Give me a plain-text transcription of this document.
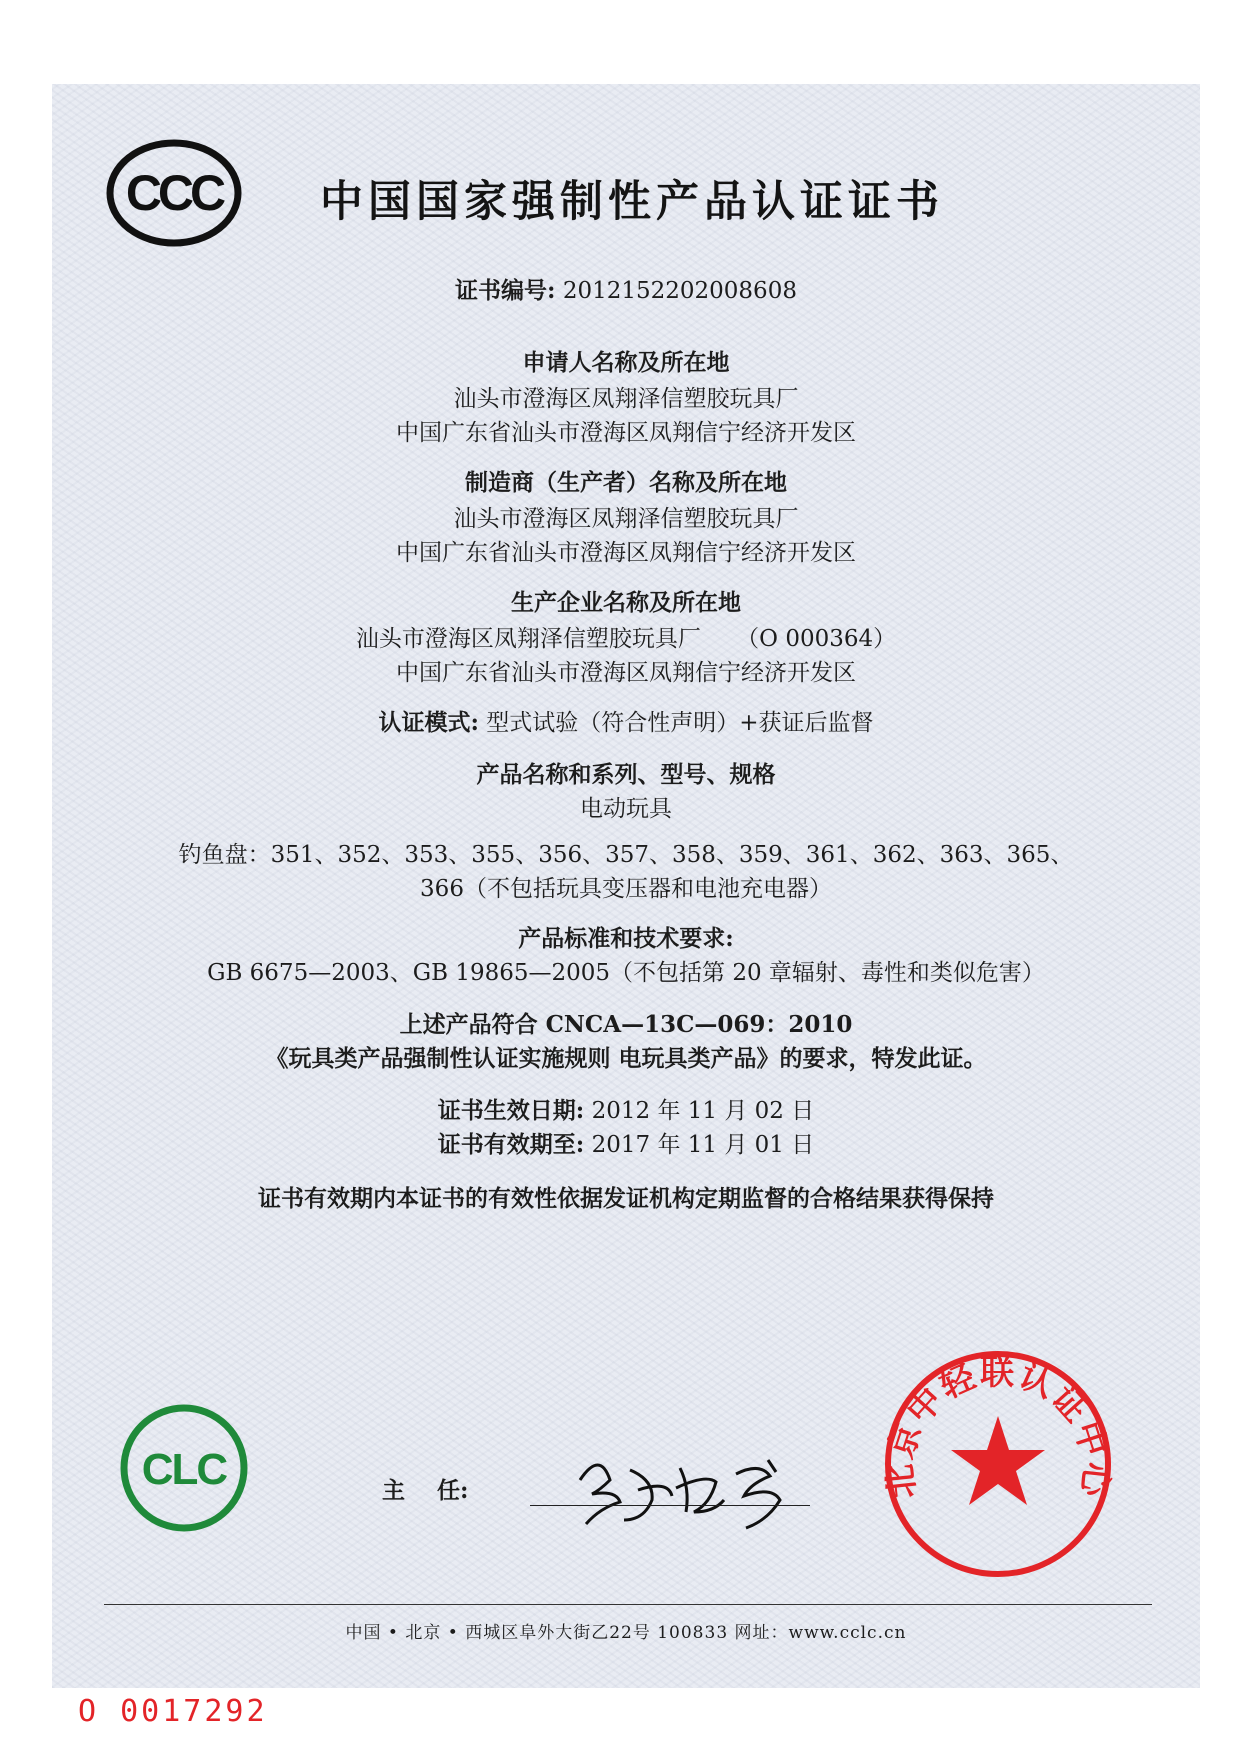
CCC 中国国家强制性产品认证证书
证书编号: 2012152202008608
申请人名称及所在地
汕头市澄海区凤翔泽信塑胶玩具厂
中国广东省汕头市澄海区凤翔信宁经济开发区
制造商（生产者）名称及所在地
汕头市澄海区凤翔泽信塑胶玩具厂
中国广东省汕头市澄海区凤翔信宁经济开发区
生产企业名称及所在地
汕头市澄海区凤翔泽信塑胶玩具厂 （O 000364）
中国广东省汕头市澄海区凤翔信宁经济开发区
认证模式: 型式试验（符合性声明）+获证后监督
产品名称和系列、型号、规格
电动玩具
钓鱼盘：351、352、353、355、356、357、358、359、361、362、363、365、
366（不包括玩具变压器和电池充电器）
产品标准和技术要求:
GB 6675—2003、GB 19865—2005（不包括第 20 章辐射、毒性和类似危害）
上述产品符合 CNCA—13C—069：2010
《玩具类产品强制性认证实施规则 电玩具类产品》的要求，特发此证。
证书生效日期: 2012 年 11 月 02 日
证书有效期至: 2017 年 11 月 01 日
证书有效期内本证书的有效性依据发证机构定期监督的合格结果获得保持
CLC	主    任:	北京中轻联认证中心
中国 • 北京 • 西城区阜外大街乙22号 100833 网址：www.cclc.cn
O 0017292
